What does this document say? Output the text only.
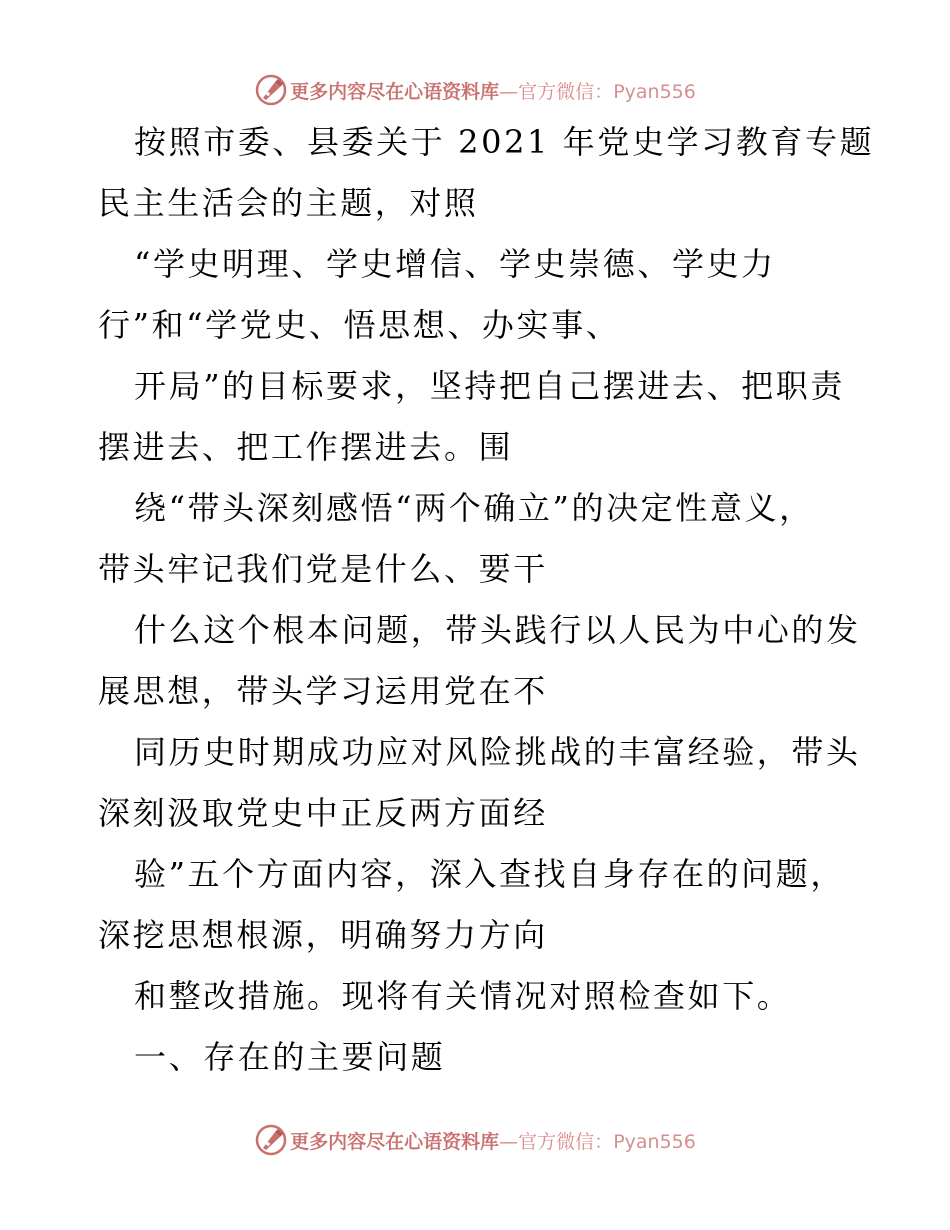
更多内容尽在心语资料库—官方微信：Pyan556

按照市委、县委关于 2021 年党史学习教育专题

民主生活会的主题，对照

“学史明理、学史增信、学史崇德、学史力

行”和“学党史、悟思想、办实事、

开局”的目标要求，坚持把自己摆进去、把职责

摆进去、把工作摆进去。围

绕“带头深刻感悟“两个确立”的决定性意义，

带头牢记我们党是什么、要干

什么这个根本问题，带头践行以人民为中心的发

展思想，带头学习运用党在不

同历史时期成功应对风险挑战的丰富经验，带头

深刻汲取党史中正反两方面经

验”五个方面内容，深入查找自身存在的问题，

深挖思想根源，明确努力方向

和整改措施。现将有关情况对照检查如下。

一、存在的主要问题

更多内容尽在心语资料库—官方微信：Pyan556
